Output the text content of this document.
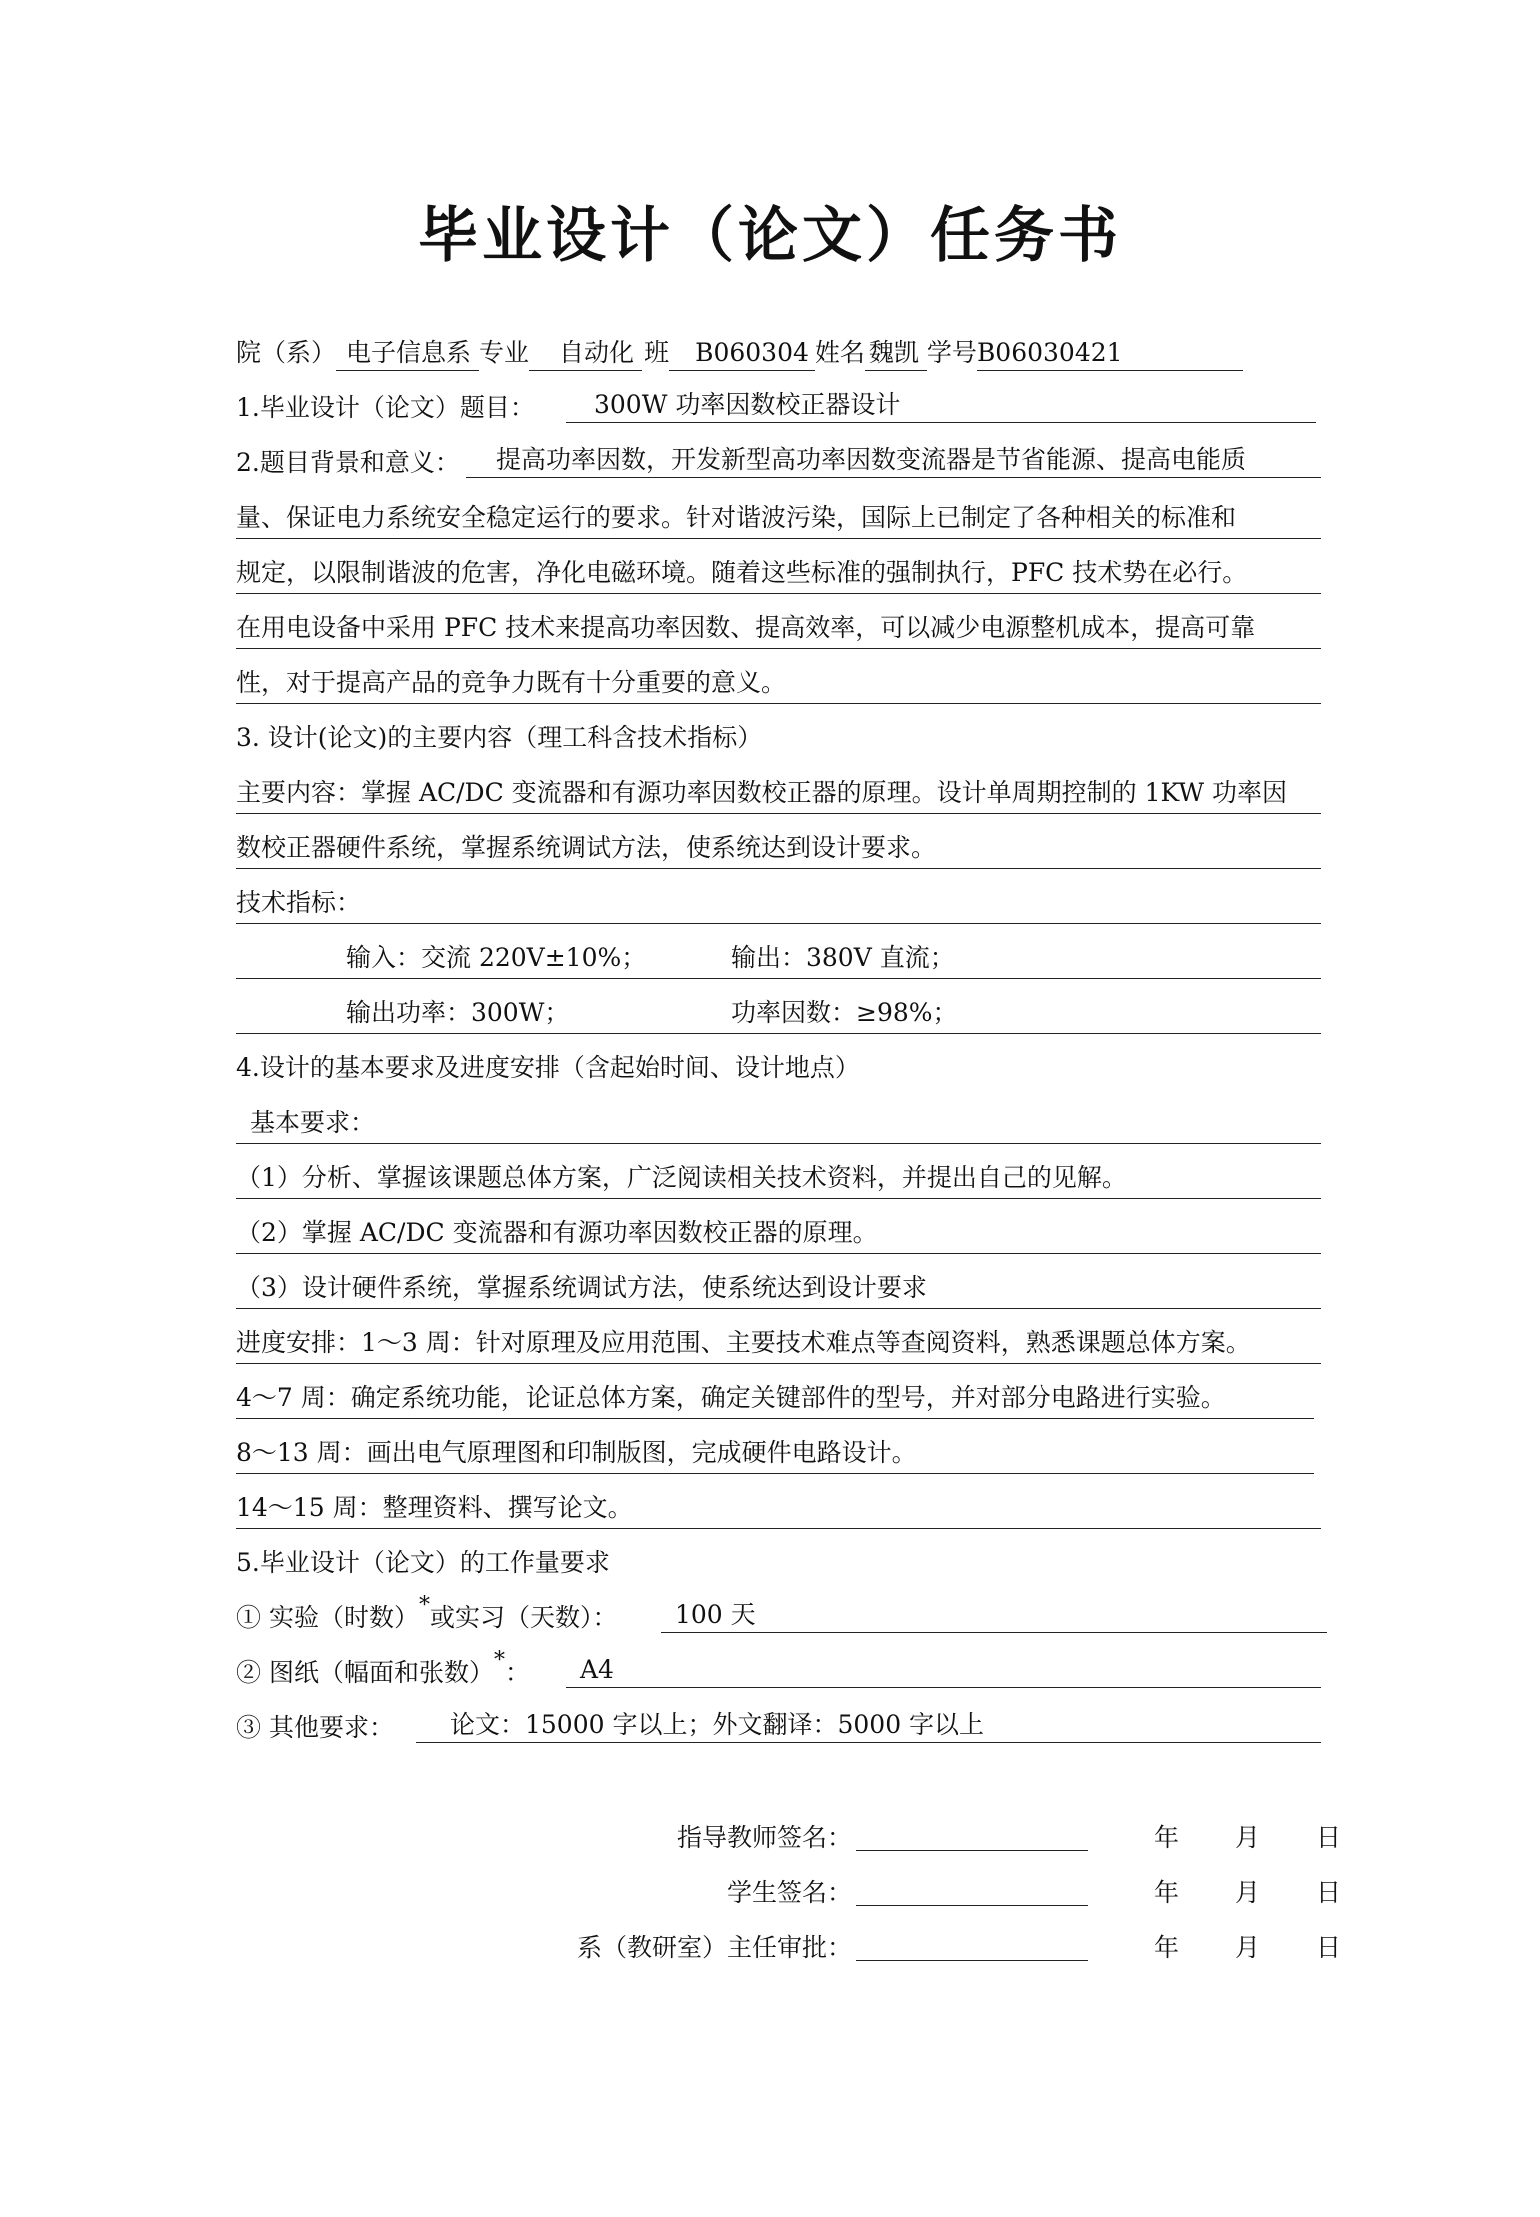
毕业设计（论文）任务书
院（系） 电子信息系 专业 自动化 班 B060304 姓名 魏凯 学号B06030421
1.毕业设计（论文）题目：	300W 功率因数校正器设计
2.题目背景和意义：	提高功率因数，开发新型高功率因数变流器是节省能源、提高电能质
量、保证电力系统安全稳定运行的要求。针对谐波污染，国际上已制定了各种相关的标准和
规定，以限制谐波的危害，净化电磁环境。随着这些标准的强制执行，PFC 技术势在必行。
在用电设备中采用 PFC 技术来提高功率因数、提高效率，可以减少电源整机成本，提高可靠
性，对于提高产品的竞争力既有十分重要的意义。
3. 设计(论文)的主要内容（理工科含技术指标）
主要内容：掌握 AC/DC 变流器和有源功率因数校正器的原理。设计单周期控制的 1KW 功率因
数校正器硬件系统，掌握系统调试方法，使系统达到设计要求。
技术指标：
输入：交流 220V±10%；	输出：380V 直流；
输出功率：300W；	功率因数：≥98%；
4.设计的基本要求及进度安排（含起始时间、设计地点）
基本要求：
（1）分析、掌握该课题总体方案，广泛阅读相关技术资料，并提出自己的见解。
（2）掌握 AC/DC 变流器和有源功率因数校正器的原理。
（3）设计硬件系统，掌握系统调试方法，使系统达到设计要求
进度安排：1～3 周：针对原理及应用范围、主要技术难点等查阅资料，熟悉课题总体方案。
4～7 周：确定系统功能，论证总体方案，确定关键部件的型号，并对部分电路进行实验。
8～13 周：画出电气原理图和印制版图，完成硬件电路设计。
14～15 周：整理资料、撰写论文。
5.毕业设计（论文）的工作量要求
① 实验（时数）*或实习（天数）：	100 天
② 图纸（幅面和张数）*：	A4
③ 其他要求：	论文：15000 字以上；外文翻译：5000 字以上
指导教师签名：	年 月 日
学生签名：	年 月 日
系（教研室）主任审批：	年 月 日
